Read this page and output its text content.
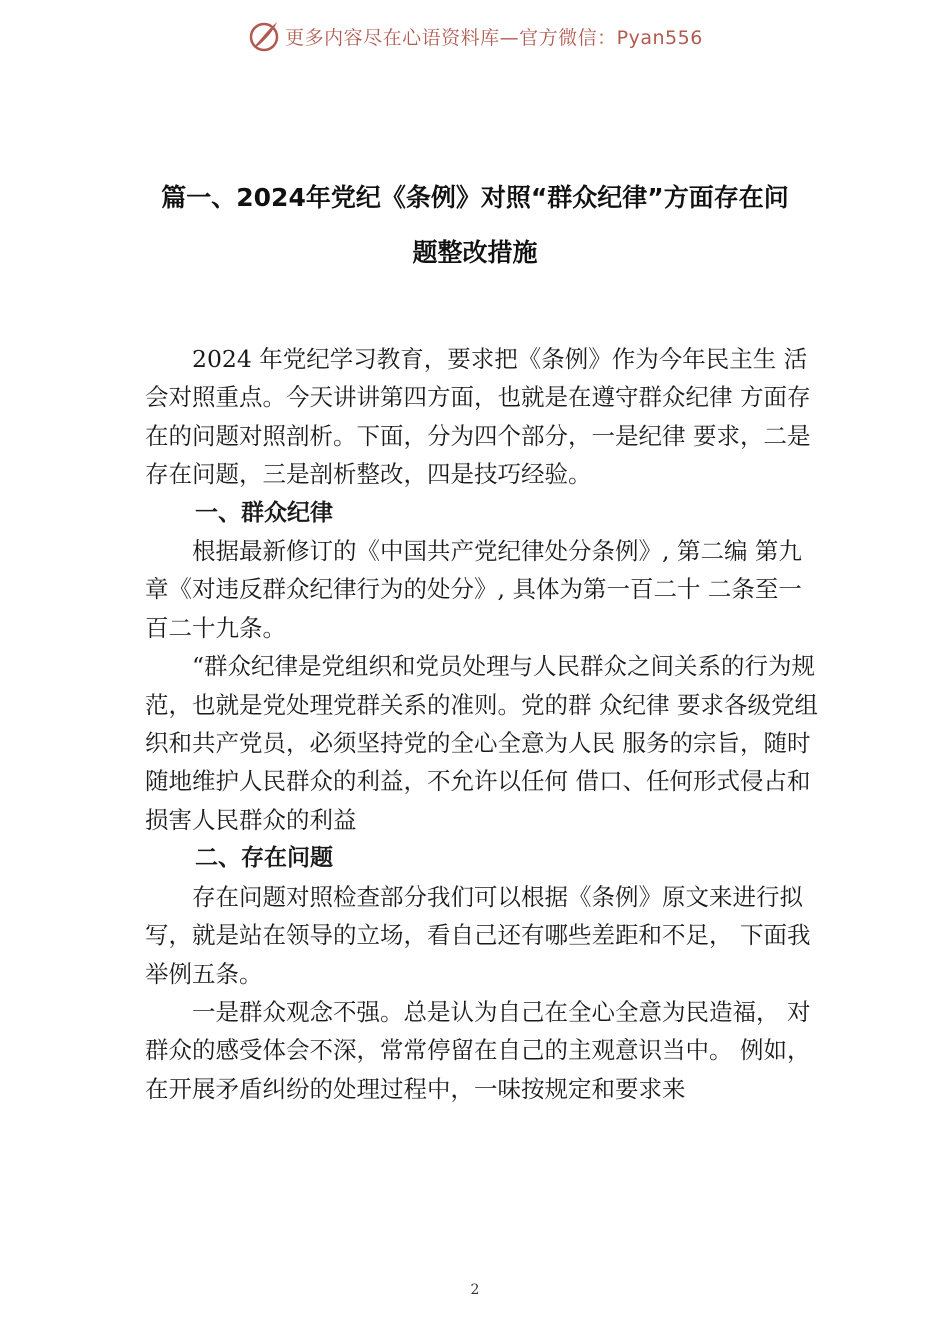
更多内容尽在心语资料库—官方微信：Pyan556
篇一、2024年党纪《条例》对照“群众纪律”方面存在问
题整改措施

2024 年党纪学习教育，要求把《条例》作为今年民主生 活会对照重点。今天讲讲第四方面，也就是在遵守群众纪律 方面存在的问题对照剖析。下面，分为四个部分，一是纪律 要求，二是存在问题，三是剖析整改，四是技巧经验。

一、群众纪律

根据最新修订的《中国共产党纪律处分条例》, 第二编 第九章《对违反群众纪律行为的处分》, 具体为第一百二十 二条至一百二十九条。

“群众纪律是党组织和党员处理与人民群众之间关系的行为规范，也就是党处理党群关系的准则。党的群 众纪律 要求各级党组织和共产党员，必须坚持党的全心全意为人民 服务的宗旨，随时随地维护人民群众的利益，不允许以任何 借口、任何形式侵占和损害人民群众的利益

二、存在问题

存在问题对照检查部分我们可以根据《条例》原文来进行拟写，就是站在领导的立场，看自己还有哪些差距和不足， 下面我举例五条。

一是群众观念不强。总是认为自己在全心全意为民造福， 对群众的感受体会不深，常常停留在自己的主观意识当中。 例如，在开展矛盾纠纷的处理过程中，一味按规定和要求来

2
